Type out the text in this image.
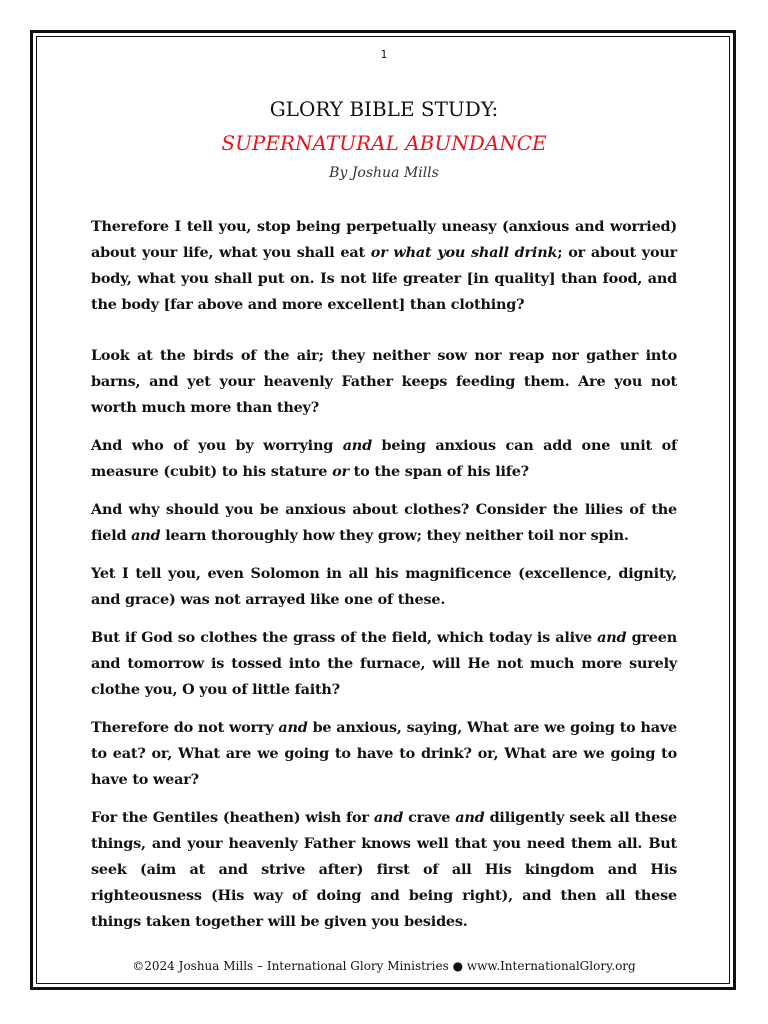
1
GLORY BIBLE STUDY:
SUPERNATURAL ABUNDANCE
By Joshua Mills

Therefore I tell you, stop being perpetually uneasy (anxious and worried) about your life, what you shall eat or what you shall drink; or about your body, what you shall put on. Is not life greater [in quality] than food, and the body [far above and more excellent] than clothing?

Look at the birds of the air; they neither sow nor reap nor gather into barns, and yet your heavenly Father keeps feeding them. Are you not worth much more than they?

And who of you by worrying and being anxious can add one unit of measure (cubit) to his stature or to the span of his life?

And why should you be anxious about clothes? Consider the lilies of the field and learn thoroughly how they grow; they neither toil nor spin.

Yet I tell you, even Solomon in all his magnificence (excellence, dignity, and grace) was not arrayed like one of these.

But if God so clothes the grass of the field, which today is alive and green and tomorrow is tossed into the furnace, will He not much more surely clothe you, O you of little faith?

Therefore do not worry and be anxious, saying, What are we going to have to eat? or, What are we going to have to drink? or, What are we going to have to wear?

For the Gentiles (heathen) wish for and crave and diligently seek all these things, and your heavenly Father knows well that you need them all. But seek (aim at and strive after) first of all His kingdom and His righteousness (His way of doing and being right), and then all these things taken together will be given you besides.

©2024 Joshua Mills – International Glory Ministries ● www.InternationalGlory.org
